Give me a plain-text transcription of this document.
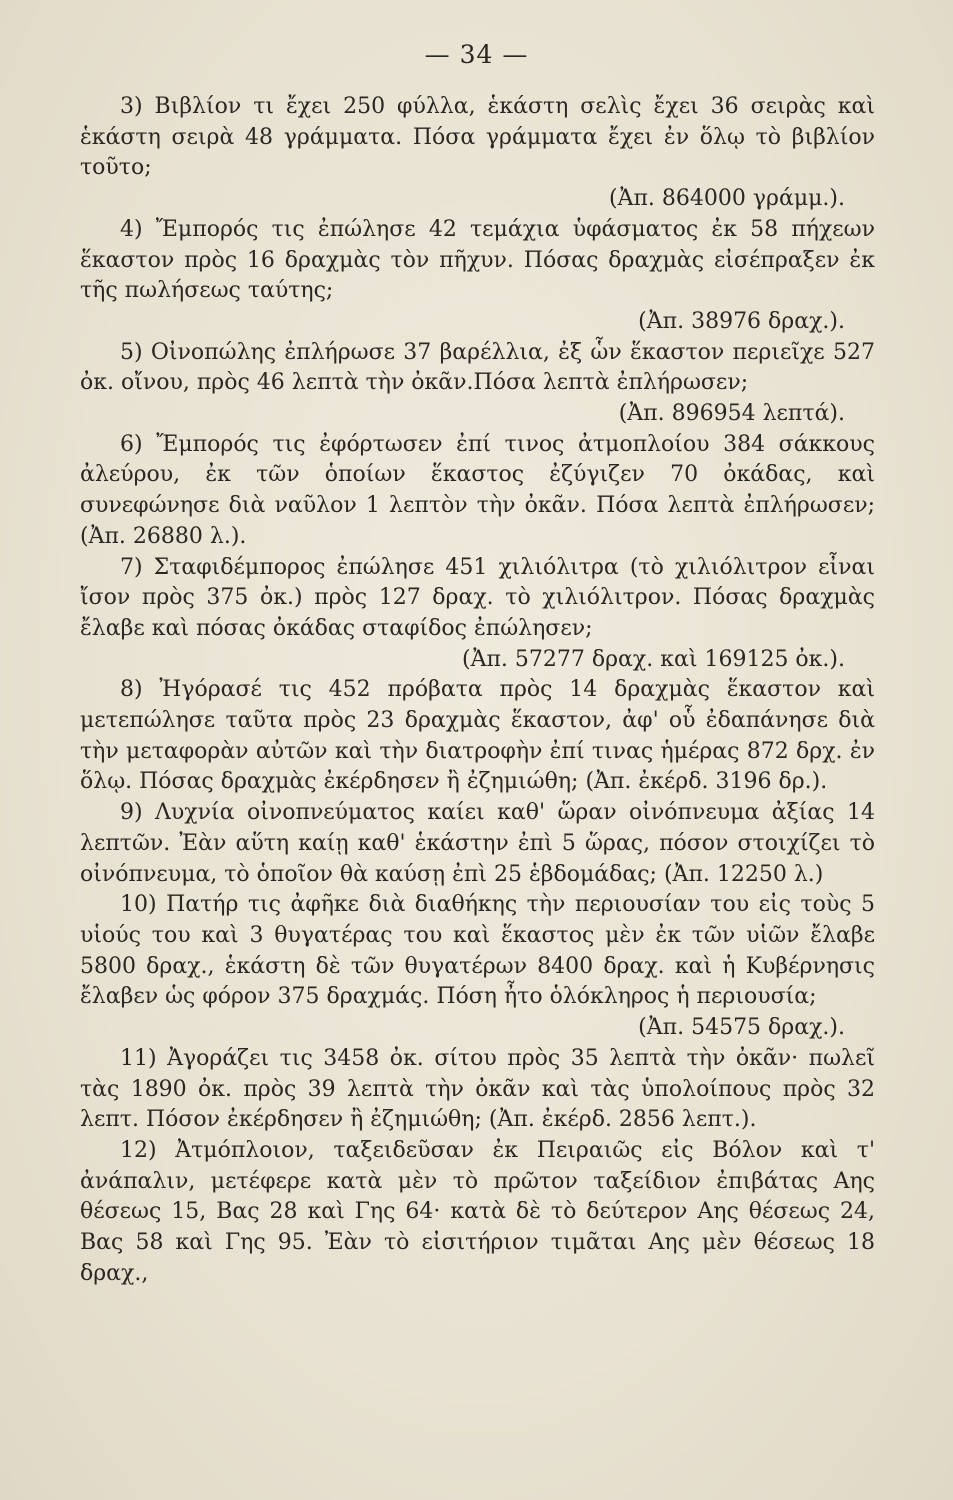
— 34 —

3) Βιβλίον τι ἔχει 250 φύλλα, ἑκάστη σελὶς ἔχει 36 σειρὰς καὶ ἑκάστη σειρὰ 48 γράμματα. Πόσα γράμματα ἔχει ἐν ὅλῳ τὸ βιβλίον τοῦτο;

(Ἀπ. 864000 γράμμ.).

4) Ἔμπορός τις ἐπώλησε 42 τεμάχια ὑφάσματος ἐκ 58 πήχεων ἕκαστον πρὸς 16 δραχμὰς τὸν πῆχυν. Πόσας δραχμὰς εἰσέπραξεν ἐκ τῆς πωλήσεως ταύτης;

(Ἀπ. 38976 δραχ.).

5) Οἰνοπώλης ἐπλήρωσε 37 βαρέλλια, ἐξ ὧν ἕκαστον περιεῖχε 527 ὀκ. οἴνου, πρὸς 46 λεπτὰ τὴν ὀκᾶν.Πόσα λεπτὰ ἐπλήρωσεν;

(Ἀπ. 896954 λεπτά).

6) Ἔμπορός τις ἐφόρτωσεν ἐπί τινος ἀτμοπλοίου 384 σάκκους ἀλεύρου, ἐκ τῶν ὁποίων ἕκαστος ἐζύγιζεν 70 ὀκάδας, καὶ συνεφώνησε διὰ ναῦλον 1 λεπτὸν τὴν ὀκᾶν. Πόσα λεπτὰ ἐπλήρωσεν; (Ἀπ. 26880 λ.).

7) Σταφιδέμπορος ἐπώλησε 451 χιλιόλιτρα (τὸ χιλιόλιτρον εἶναι ἴσον πρὸς 375 ὀκ.) πρὸς 127 δραχ. τὸ χιλιόλιτρον. Πόσας δραχμὰς ἔλαβε καὶ πόσας ὀκάδας σταφίδος ἐπώλησεν;

(Ἀπ. 57277 δραχ. καὶ 169125 ὀκ.).

8) Ἠγόρασέ τις 452 πρόβατα πρὸς 14 δραχμὰς ἕκαστον καὶ μετεπώλησε ταῦτα πρὸς 23 δραχμὰς ἕκαστον, ἀφ' οὗ ἐδαπάνησε διὰ τὴν μεταφορὰν αὐτῶν καὶ τὴν διατροφὴν ἐπί τινας ἡμέρας 872 δρχ. ἐν ὅλῳ. Πόσας δραχμὰς ἐκέρδησεν ἢ ἐζημιώθη; (Ἀπ. ἐκέρδ. 3196 δρ.).

9) Λυχνία οἰνοπνεύματος καίει καθ' ὥραν οἰνόπνευμα ἀξίας 14 λεπτῶν. Ἐὰν αὕτη καίῃ καθ' ἑκάστην ἐπὶ 5 ὥρας, πόσον στοιχίζει τὸ οἰνόπνευμα, τὸ ὁποῖον θὰ καύσῃ ἐπὶ 25 ἑβδομάδας; (Ἀπ. 12250 λ.)

10) Πατήρ τις ἀφῆκε διὰ διαθήκης τὴν περιουσίαν του εἰς τοὺς 5 υἱούς του καὶ 3 θυγατέρας του καὶ ἕκαστος μὲν ἐκ τῶν υἱῶν ἔλαβε 5800 δραχ., ἑκάστη δὲ τῶν θυγατέρων 8400 δραχ. καὶ ἡ Κυβέρνησις ἔλαβεν ὡς φόρον 375 δραχμάς. Πόση ἦτο ὁλόκληρος ἡ περιουσία;

(Ἀπ. 54575 δραχ.).

11) Ἀγοράζει τις 3458 ὀκ. σίτου πρὸς 35 λεπτὰ τὴν ὀκᾶν· πωλεῖ τὰς 1890 ὀκ. πρὸς 39 λεπτὰ τὴν ὀκᾶν καὶ τὰς ὑπολοίπους πρὸς 32 λεπτ. Πόσον ἐκέρδησεν ἢ ἐζημιώθη; (Ἀπ. ἐκέρδ. 2856 λεπτ.).

12) Ἀτμόπλοιον, ταξειδεῦσαν ἐκ Πειραιῶς εἰς Βόλον καὶ τ' ἀνάπαλιν, μετέφερε κατὰ μὲν τὸ πρῶτον ταξείδιον ἐπιβάτας Αης θέσεως 15, Βας 28 καὶ Γης 64· κατὰ δὲ τὸ δεύτερον Αης θέσεως 24, Βας 58 καὶ Γης 95. Ἐὰν τὸ εἰσιτήριον τιμᾶται Αης μὲν θέσεως 18 δραχ.,
